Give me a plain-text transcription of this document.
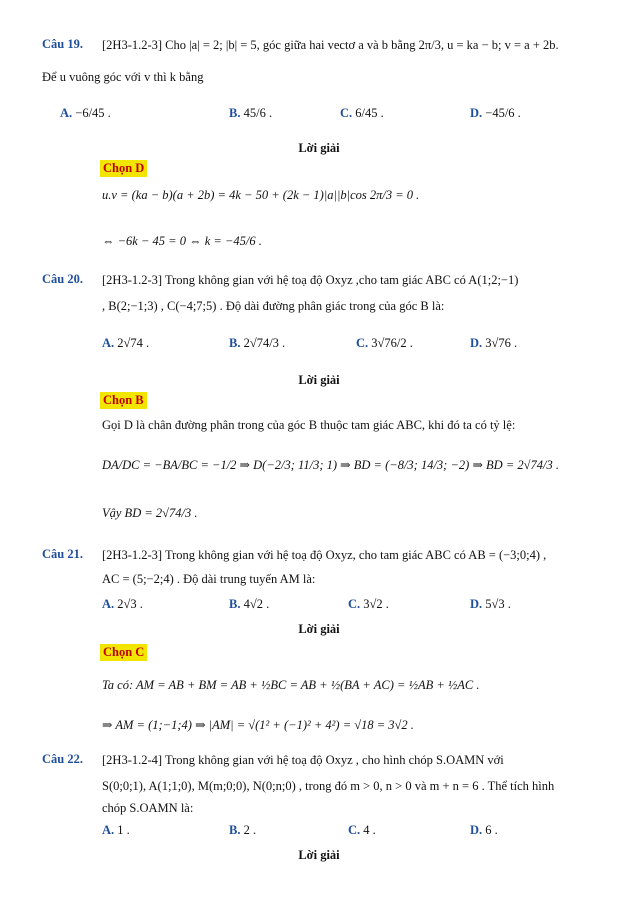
Câu 19. [2H3-1.2-3] Cho |a| = 2; |b| = 5, góc giữa hai vectơ a và b bằng 2π/3, u = ka − b; v = a + 2b.
Để u vuông góc với v thì k bằng
A. −6/45 .	B. 45/6 .	C. 6/45 .	D. −45/6 .
Lời giải
Chọn D
u.v = (ka − b)(a + 2b) = 4k − 50 + (2k − 1)|a||b|cos 2π/3 = 0 .
⇔ −6k − 45 = 0 ⇔ k = −45/6 .
Câu 20. [2H3-1.2-3] Trong không gian với hệ toạ độ Oxyz ,cho tam giác ABC có A(1;2;−1)
, B(2;−1;3) , C(−4;7;5) . Độ dài đường phân giác trong của góc B là:
A. 2√74 .	B. 2√74/3 .	C. 3√76/2 .	D. 3√76 .
Lời giải
Chọn B
Gọi D là chân đường phân trong của góc B thuộc tam giác ABC, khi đó ta có tỷ lệ:
DA/DC = −BA/BC = −1/2 ⇒ D(−2/3; 11/3; 1) ⇒ BD = (−8/3; 14/3; −2) ⇒ BD = 2√74/3 .
Vậy BD = 2√74/3 .
Câu 21. [2H3-1.2-3] Trong không gian với hệ toạ độ Oxyz, cho tam giác ABC có AB = (−3;0;4) ,
AC = (5;−2;4) . Độ dài trung tuyến AM là:
A. 2√3 .	B. 4√2 .	C. 3√2 .	D. 5√3 .
Lời giải
Chọn C
Ta có: AM = AB + BM = AB + ½BC = AB + ½(BA + AC) = ½AB + ½AC .
⇒ AM = (1;−1;4) ⇒ |AM| = √(1² + (−1)² + 4²) = √18 = 3√2 .
Câu 22. [2H3-1.2-4] Trong không gian với hệ toạ độ Oxyz , cho hình chóp S.OAMN với
S(0;0;1), A(1;1;0), M(m;0;0), N(0;n;0) , trong đó m > 0, n > 0 và m + n = 6 . Thể tích hình
chóp S.OAMN là:
A. 1 .	B. 2 .	C. 4 .	D. 6 .
Lời giải
